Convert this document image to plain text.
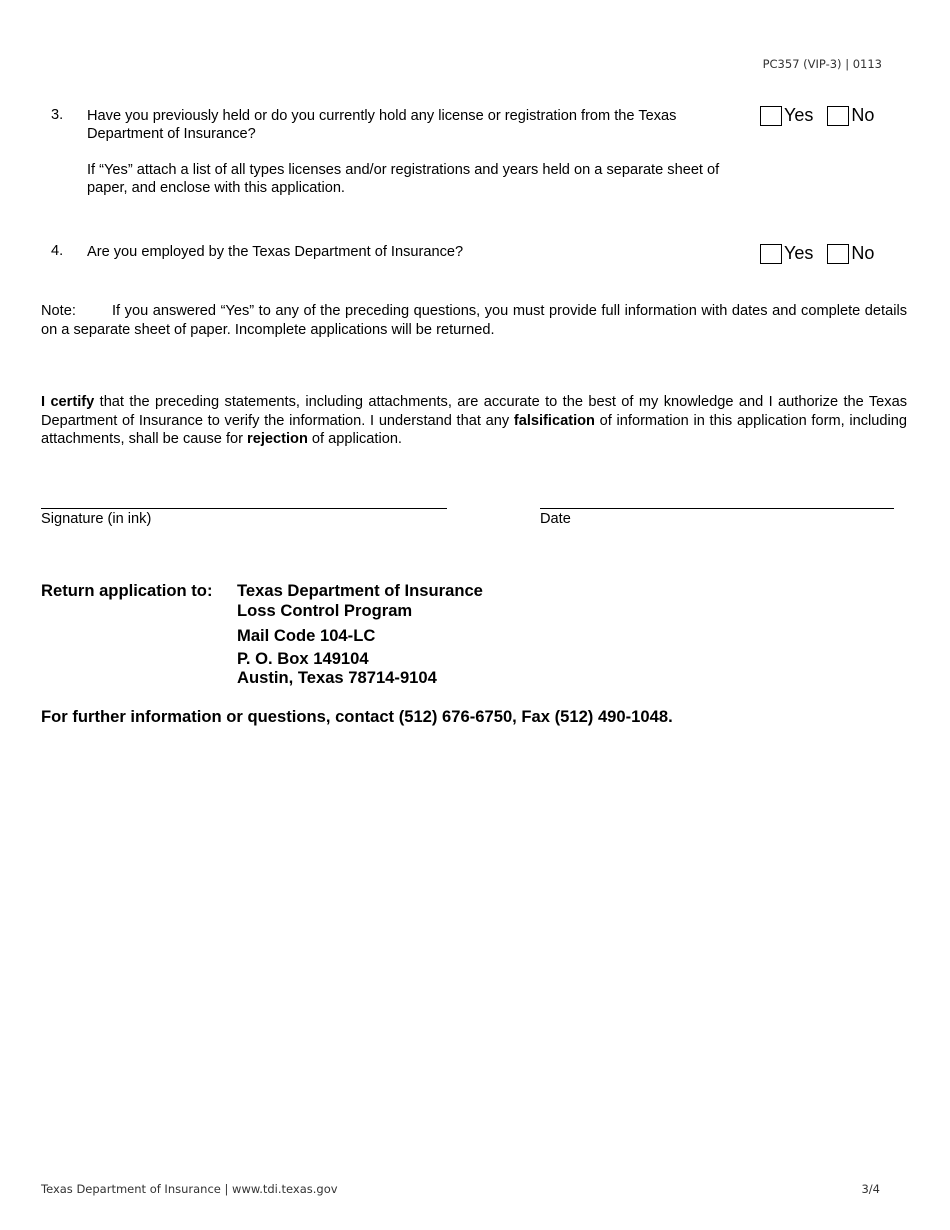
PC357 (VIP-3) | 0113
3. Have you previously held or do you currently hold any license or registration from the Texas Department of Insurance?
If “Yes” attach a list of all types licenses and/or registrations and years held on a separate sheet of paper, and enclose with this application.
Yes No
4. Are you employed by the Texas Department of Insurance?	Yes No
Note: If you answered “Yes” to any of the preceding questions, you must provide full information with dates and complete details on a separate sheet of paper. Incomplete applications will be returned.
I certify that the preceding statements, including attachments, are accurate to the best of my knowledge and I authorize the Texas Department of Insurance to verify the information. I understand that any falsification of information in this application form, including attachments, shall be cause for rejection of application.
Signature (in ink)	Date
Return application to: Texas Department of Insurance
Loss Control Program
Mail Code 104-LC
P. O. Box 149104
Austin, Texas 78714-9104
For further information or questions, contact (512) 676-6750, Fax (512) 490-1048.
Texas Department of Insurance | www.tdi.texas.gov	3/4
